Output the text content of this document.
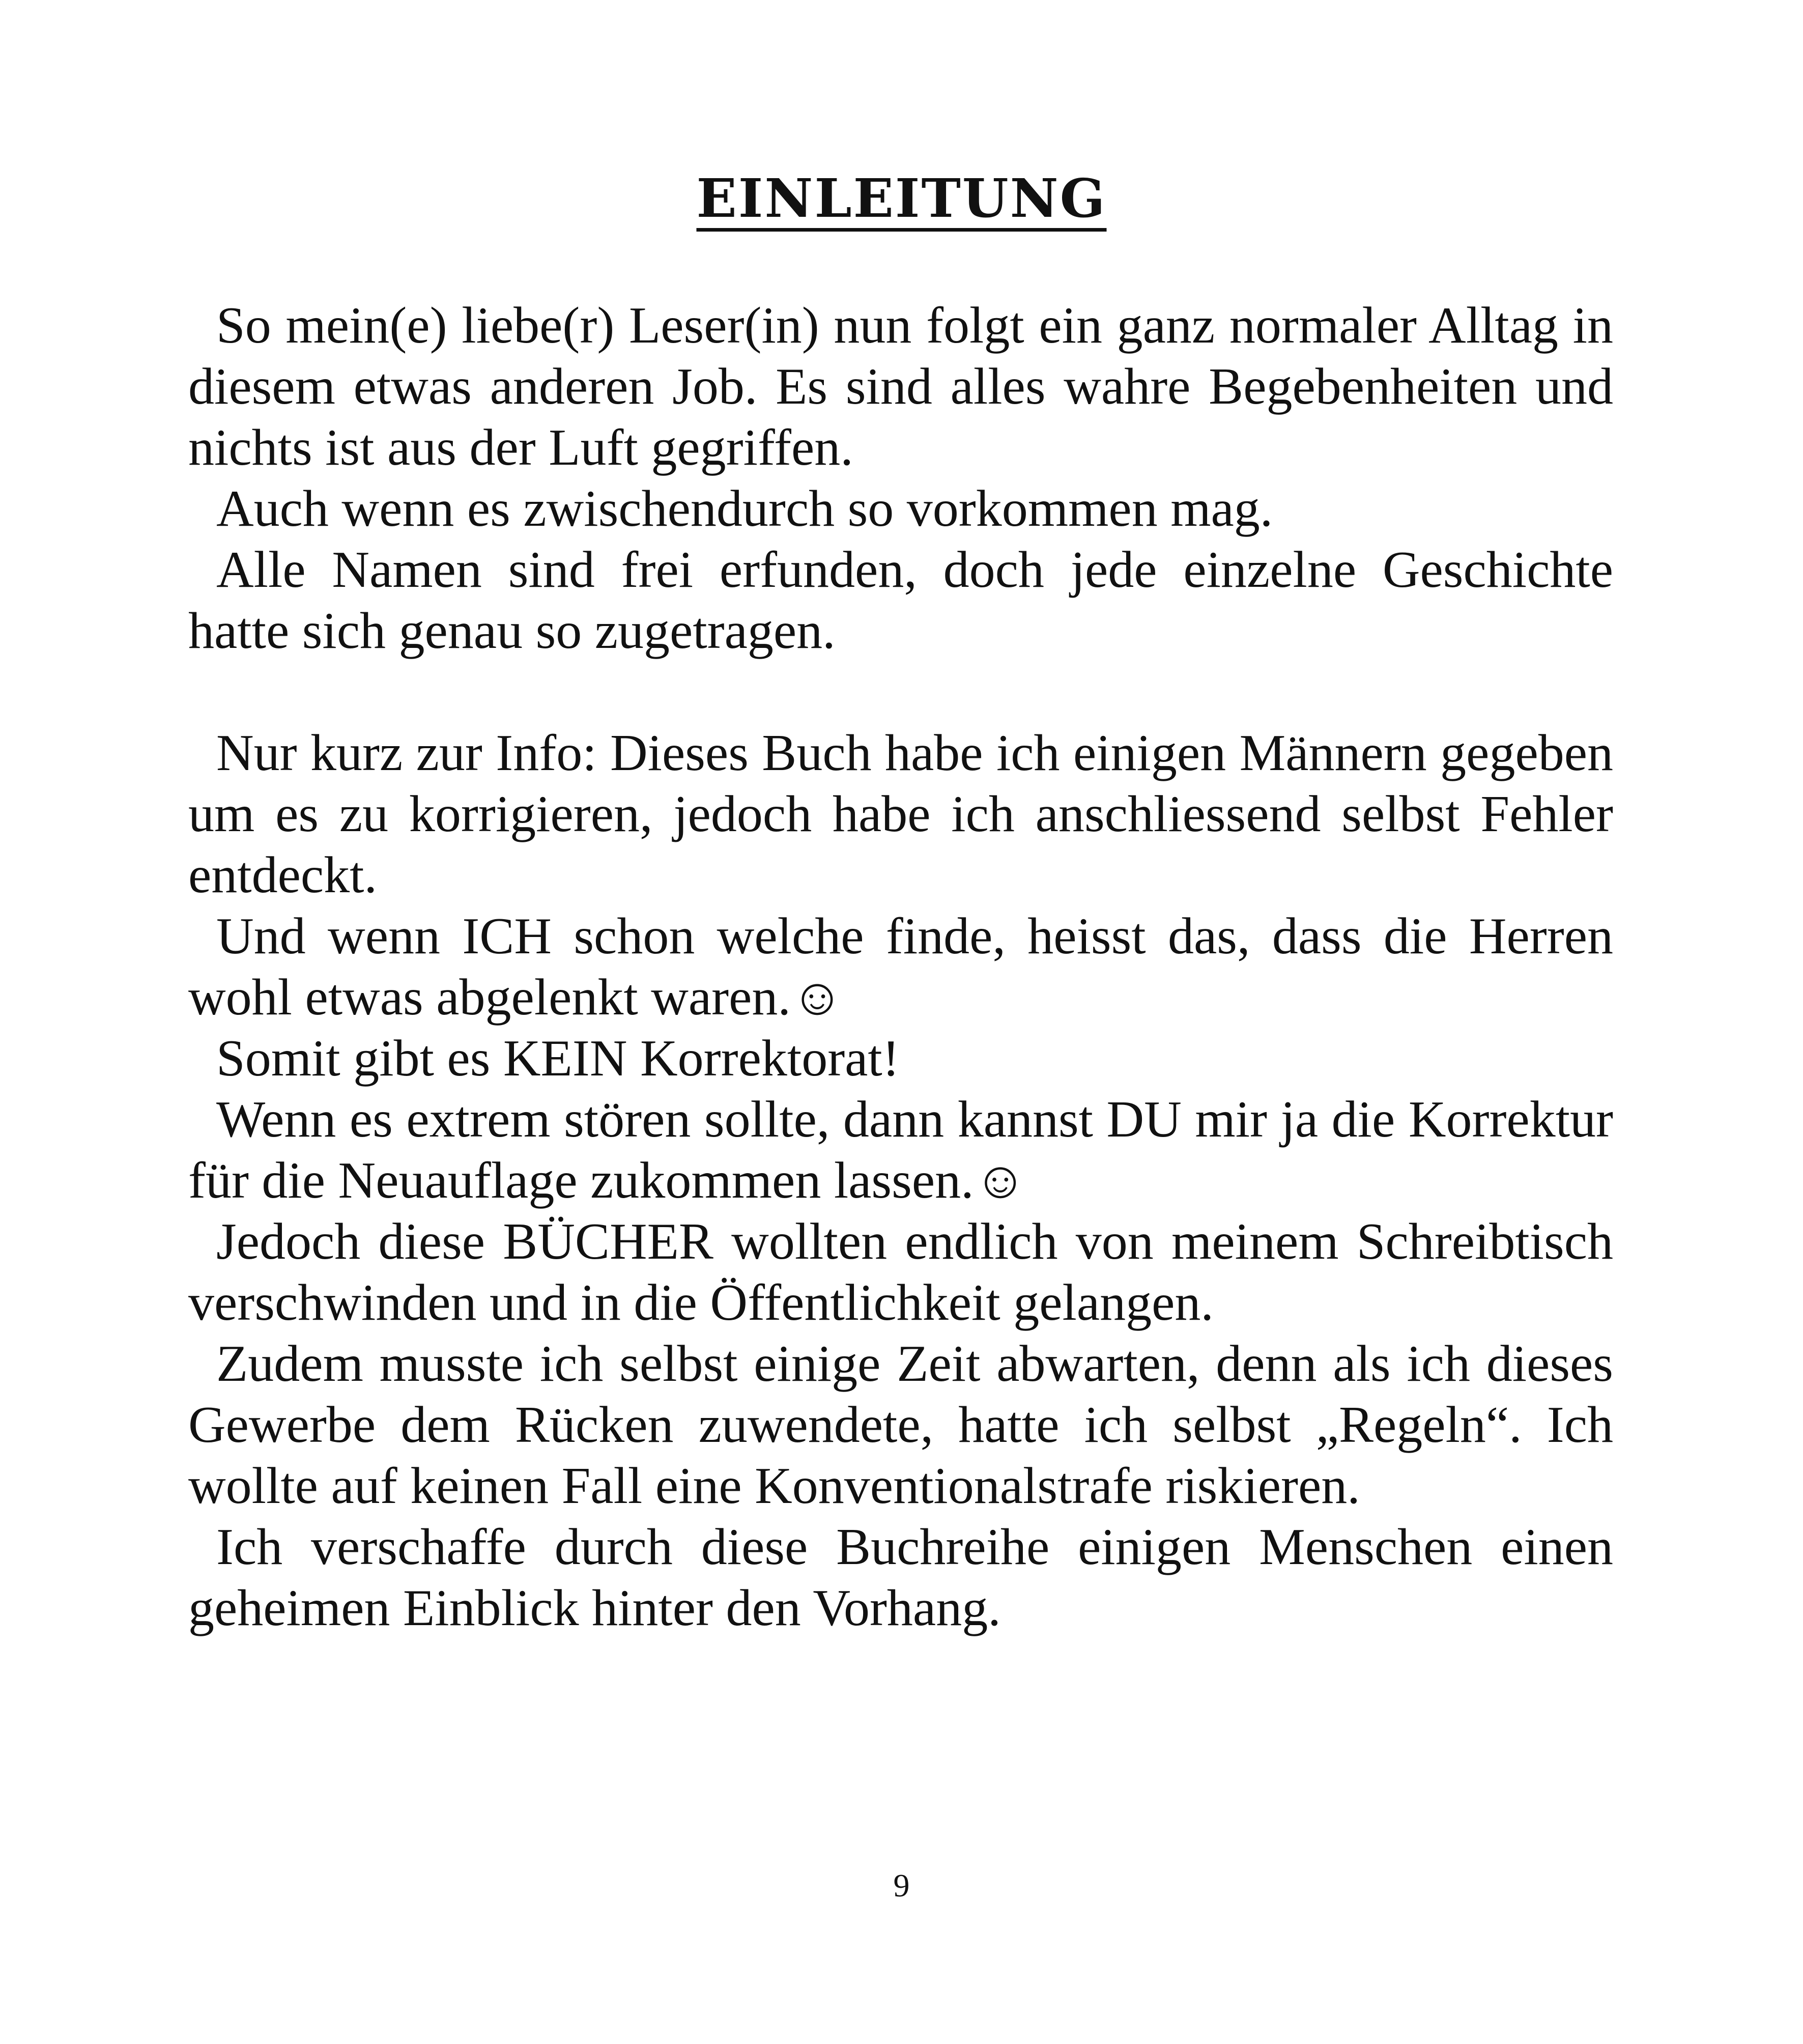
EINLEITUNG

So mein(e) liebe(r) Leser(in) nun folgt ein ganz normaler Alltag in diesem etwas anderen Job. Es sind alles wahre Begebenheiten und nichts ist aus der Luft gegriffen.

Auch wenn es zwischendurch so vorkommen mag.

Alle Namen sind frei erfunden, doch jede einzelne Geschichte hatte sich genau so zugetragen.

Nur kurz zur Info: Dieses Buch habe ich einigen Männern gegeben um es zu korrigieren, jedoch habe ich anschliessend selbst Fehler entdeckt.

Und wenn ICH schon welche finde, heisst das, dass die Herren wohl etwas abgelenkt waren.☺

Somit gibt es KEIN Korrektorat!

Wenn es extrem stören sollte, dann kannst DU mir ja die Korrektur für die Neuauflage zukommen lassen.☺

Jedoch diese BÜCHER wollten endlich von meinem Schreibtisch verschwinden und in die Öffentlichkeit gelangen.

Zudem musste ich selbst einige Zeit abwarten, denn als ich dieses Gewerbe dem Rücken zuwendete, hatte ich selbst „Regeln“. Ich wollte auf keinen Fall eine Konventionalstrafe riskieren.

Ich verschaffe durch diese Buchreihe einigen Menschen einen geheimen Einblick hinter den Vorhang.

9
